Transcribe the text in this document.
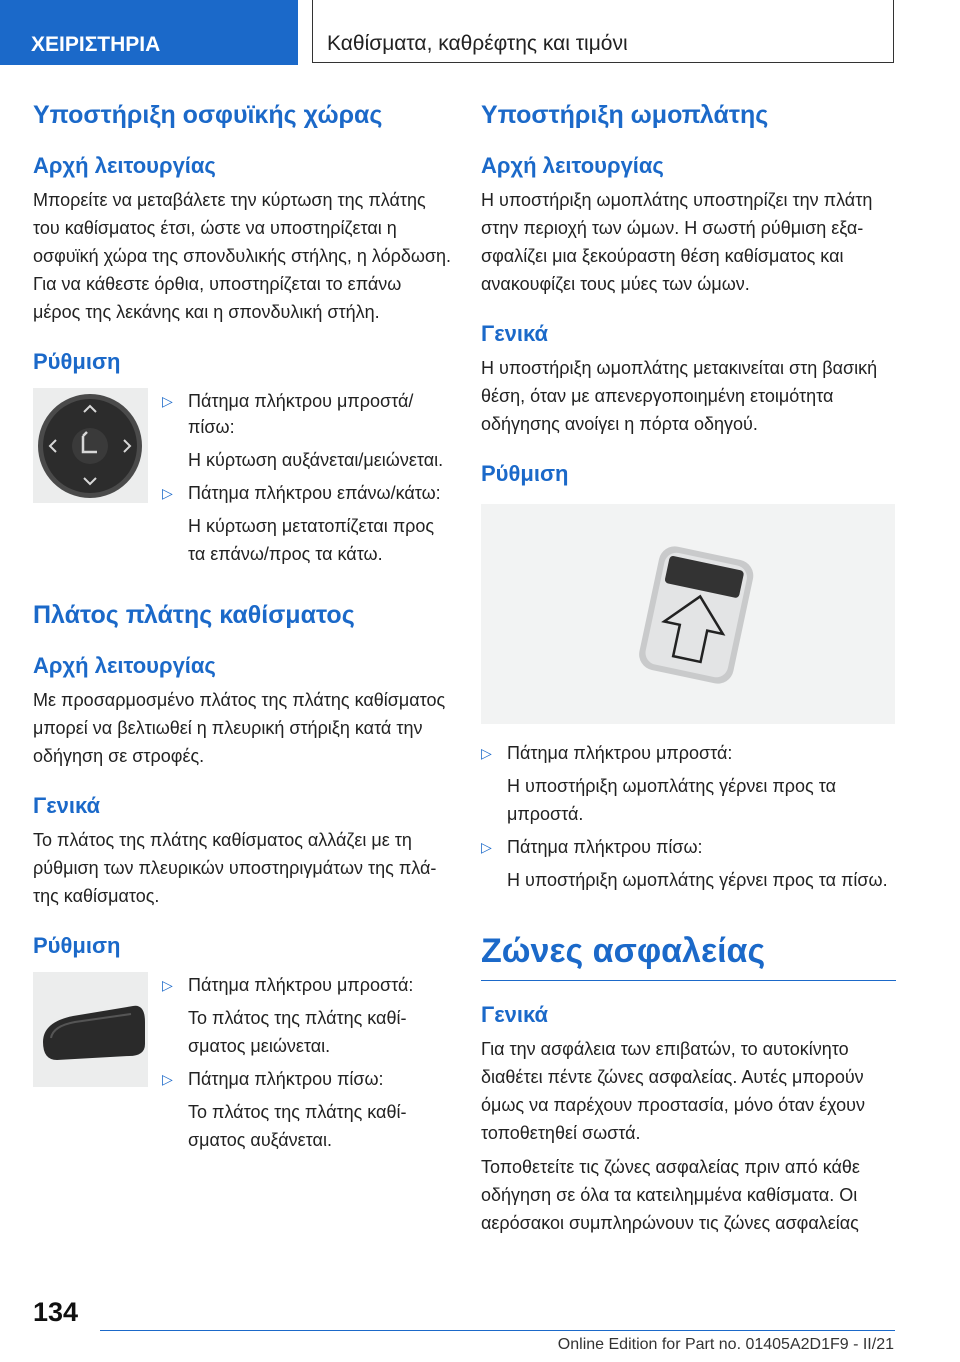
ΧΕΙΡΙΣΤΗΡΙΑ	Καθίσματα, καθρέφτης και τιμόνι
Υποστήριξη οσφυϊκής χώρας
Αρχή λειτουργίας

Μπορείτε να μεταβάλετε την κύρτωση της πλάτης του καθίσματος έτσι, ώστε να υποστηρίζεται η οσφυϊκή χώρα της σπονδυλικής στήλης, η λόρδωση. Για να κάθεστε όρθια, υποστηρίζεται το επάνω μέρος της λεκάνης και η σπονδυλική στήλη.

Ρύθμιση
▷ Πάτημα πλήκτρου μπροστά/πίσω:
Η κύρτωση αυξάνεται/μειώνεται.
▷ Πάτημα πλήκτρου επάνω/κάτω:
Η κύρτωση μετατοπίζεται προς τα επάνω/προς τα κάτω.
Πλάτος πλάτης καθίσματος
Αρχή λειτουργίας

Με προσαρμοσμένο πλάτος της πλάτης καθίσματος μπορεί να βελτιωθεί η πλευρική στήριξη κατά την οδήγηση σε στροφές.

Γενικά

Το πλάτος της πλάτης καθίσματος αλλάζει με τη ρύθμιση των πλευρικών υποστηριγμάτων της πλάτης καθίσματος.

Ρύθμιση
▷ Πάτημα πλήκτρου μπροστά:
Το πλάτος της πλάτης καθίσματος μειώνεται.
▷ Πάτημα πλήκτρου πίσω:
Το πλάτος της πλάτης καθίσματος αυξάνεται.
Υποστήριξη ωμοπλάτης
Αρχή λειτουργίας

Η υποστήριξη ωμοπλάτης υποστηρίζει την πλάτη στην περιοχή των ώμων. Η σωστή ρύθμιση εξασφαλίζει μια ξεκούραστη θέση καθίσματος και ανακουφίζει τους μύες των ώμων.

Γενικά

Η υποστήριξη ωμοπλάτης μετακινείται στη βασική θέση, όταν με απενεργοποιημένη ετοιμότητα οδήγησης ανοίγει η πόρτα οδηγού.

Ρύθμιση
▷ Πάτημα πλήκτρου μπροστά:
Η υποστήριξη ωμοπλάτης γέρνει προς τα μπροστά.
▷ Πάτημα πλήκτρου πίσω:
Η υποστήριξη ωμοπλάτης γέρνει προς τα πίσω.
Ζώνες ασφαλείας
Γενικά

Για την ασφάλεια των επιβατών, το αυτοκίνητο διαθέτει πέντε ζώνες ασφαλείας. Αυτές μπορούν όμως να παρέχουν προστασία, μόνο όταν έχουν τοποθετηθεί σωστά.

Τοποθετείτε τις ζώνες ασφαλείας πριν από κάθε οδήγηση σε όλα τα κατειλημμένα καθίσματα. Οι αερόσακοι συμπληρώνουν τις ζώνες ασφαλείας

134
Online Edition for Part no. 01405A2D1F9 - II/21
